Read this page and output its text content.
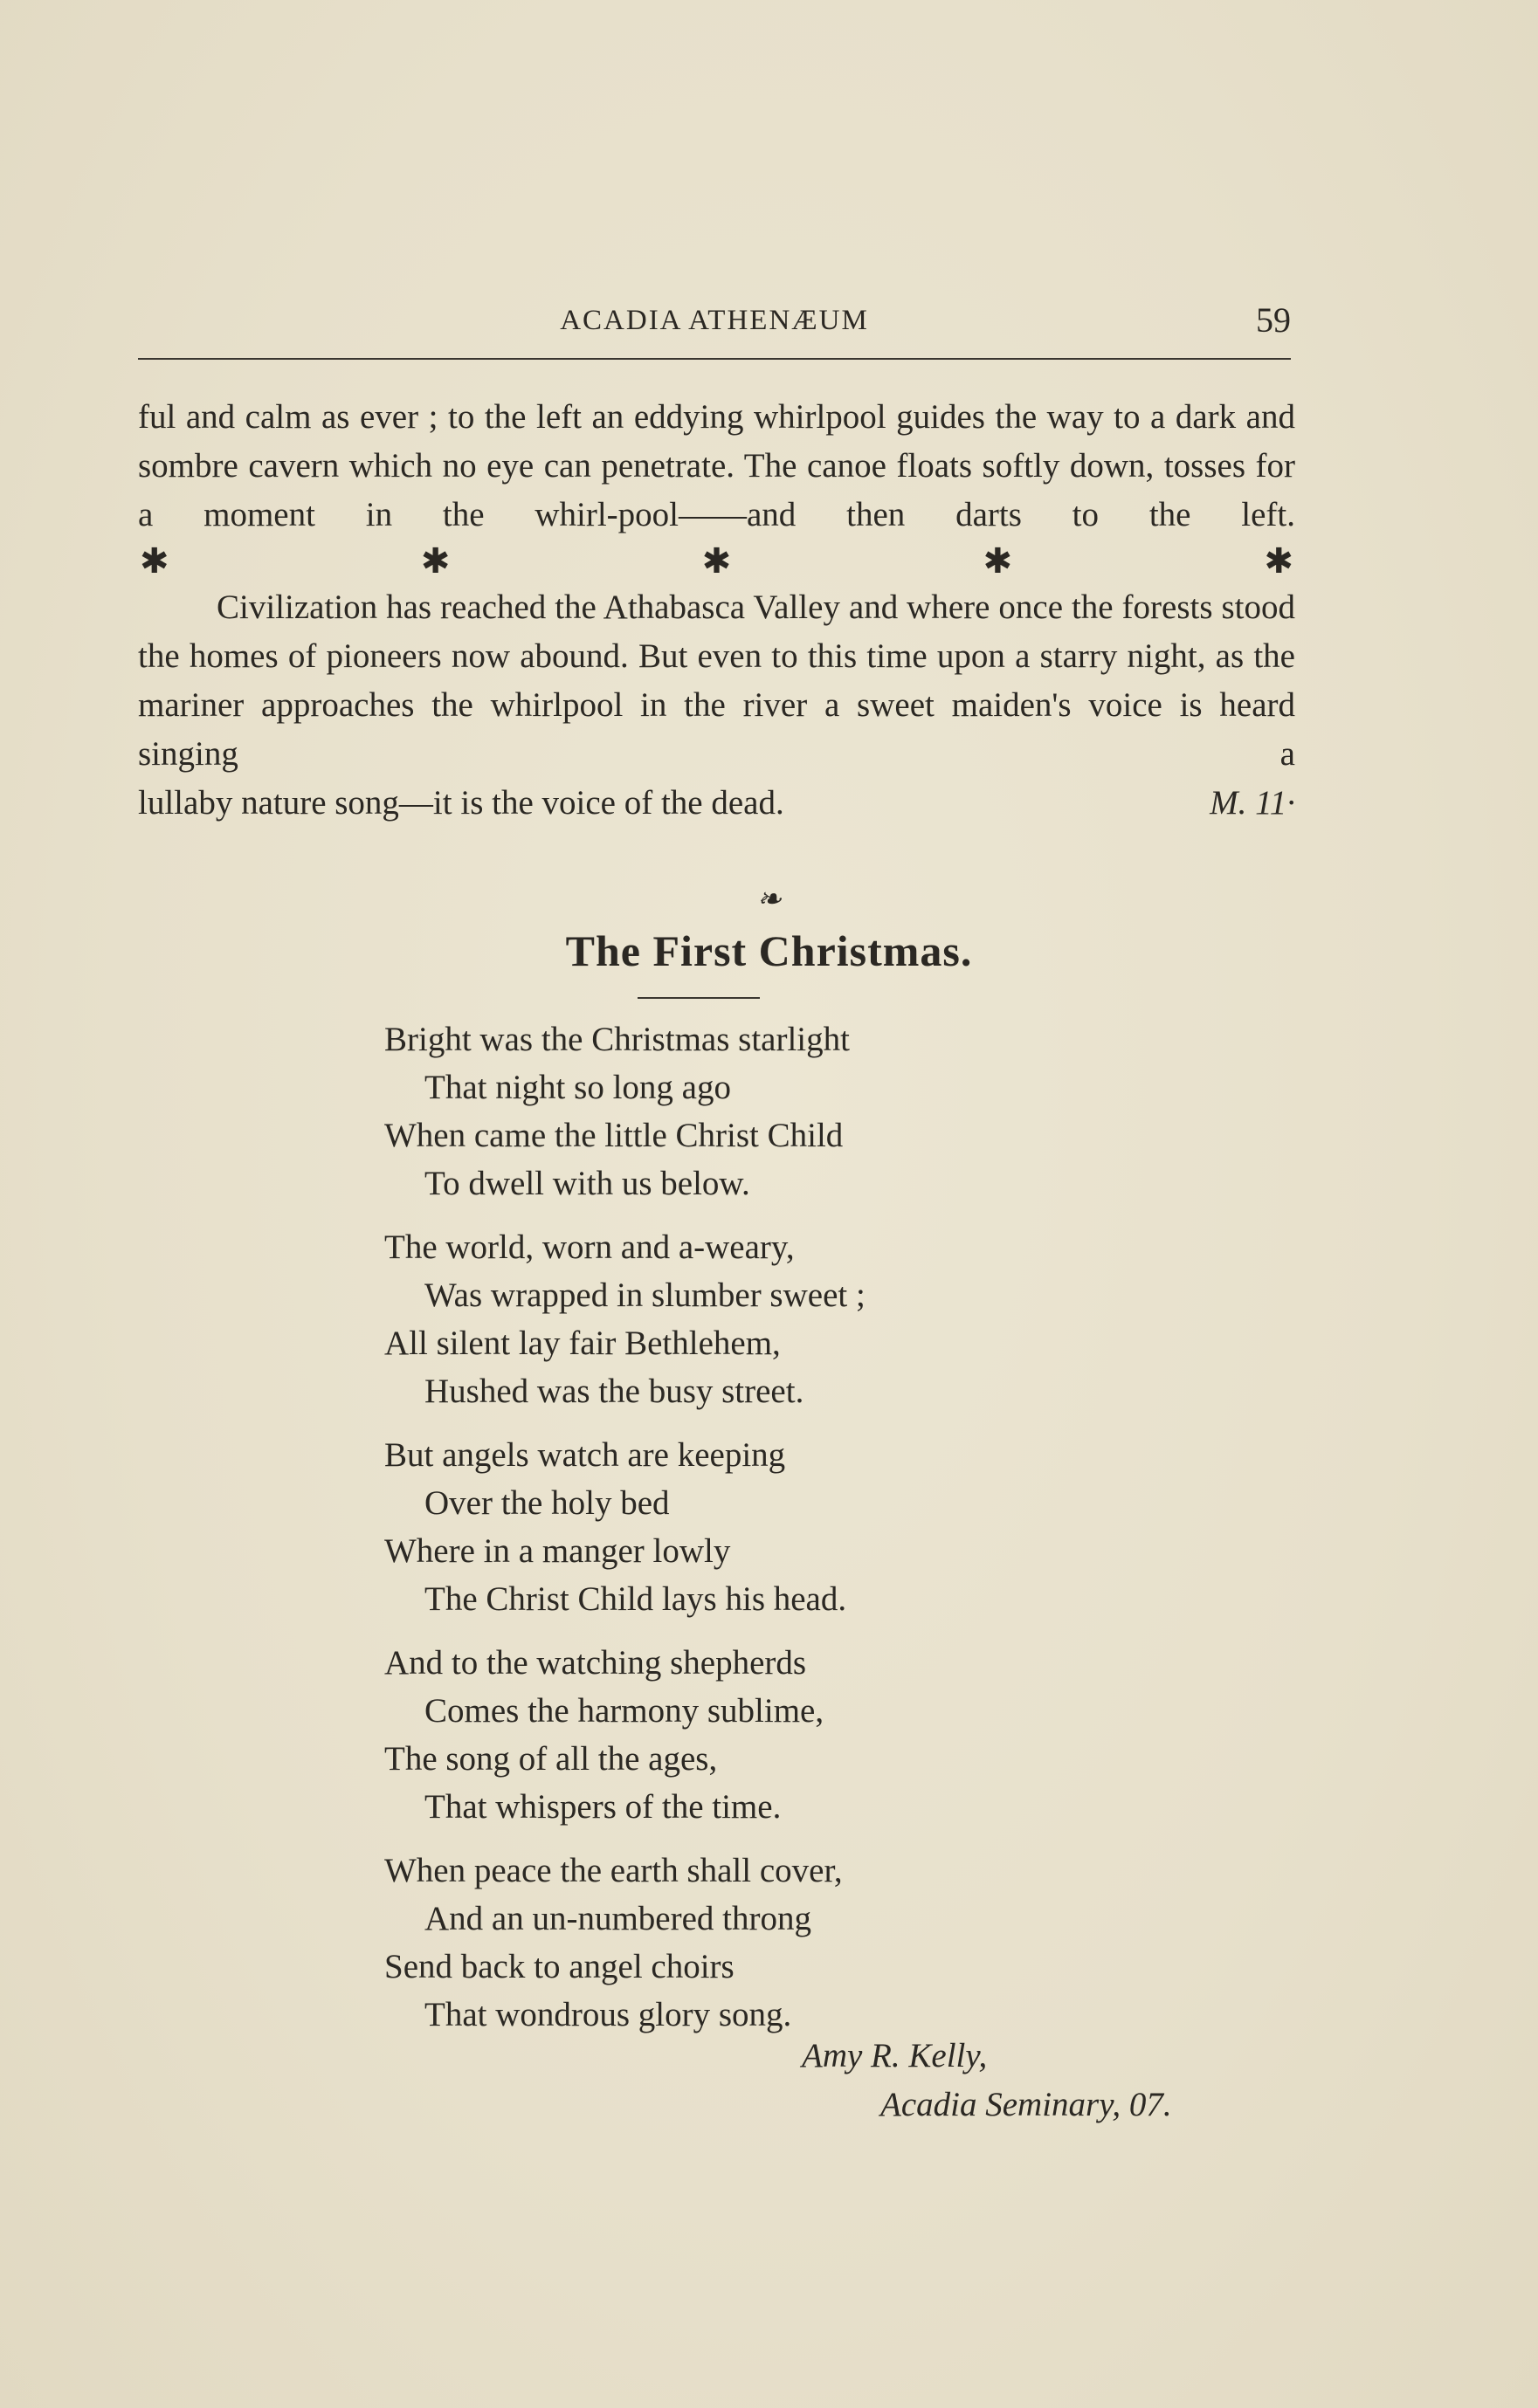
ACADIA ATHENÆUM	59

ful and calm as ever ; to the left an eddying whirlpool guides the way to a dark and sombre cavern which no eye can penetrate. The canoe floats softly down, tosses for a moment in the whirl-pool——and then darts to the left.

✱	✱	✱	✱	✱

Civilization has reached the Athabasca Valley and where once the forests stood the homes of pioneers now abound. But even to this time upon a starry night, as the mariner approaches the whirlpool in the river a sweet maiden's voice is heard singing a

lullaby nature song—it is the voice of the dead.	M. 11·
❧
The First Christmas.
Bright was the Christmas starlight
That night so long ago
When came the little Christ Child
To dwell with us below.
The world, worn and a-weary,
Was wrapped in slumber sweet ;
All silent lay fair Bethlehem,
Hushed was the busy street.
But angels watch are keeping
Over the holy bed
Where in a manger lowly
The Christ Child lays his head.
And to the watching shepherds
Comes the harmony sublime,
The song of all the ages,
That whispers of the time.
When peace the earth shall cover,
And an un-numbered throng
Send back to angel choirs
That wondrous glory song.
Amy R. Kelly,
Acadia Seminary, 07.
